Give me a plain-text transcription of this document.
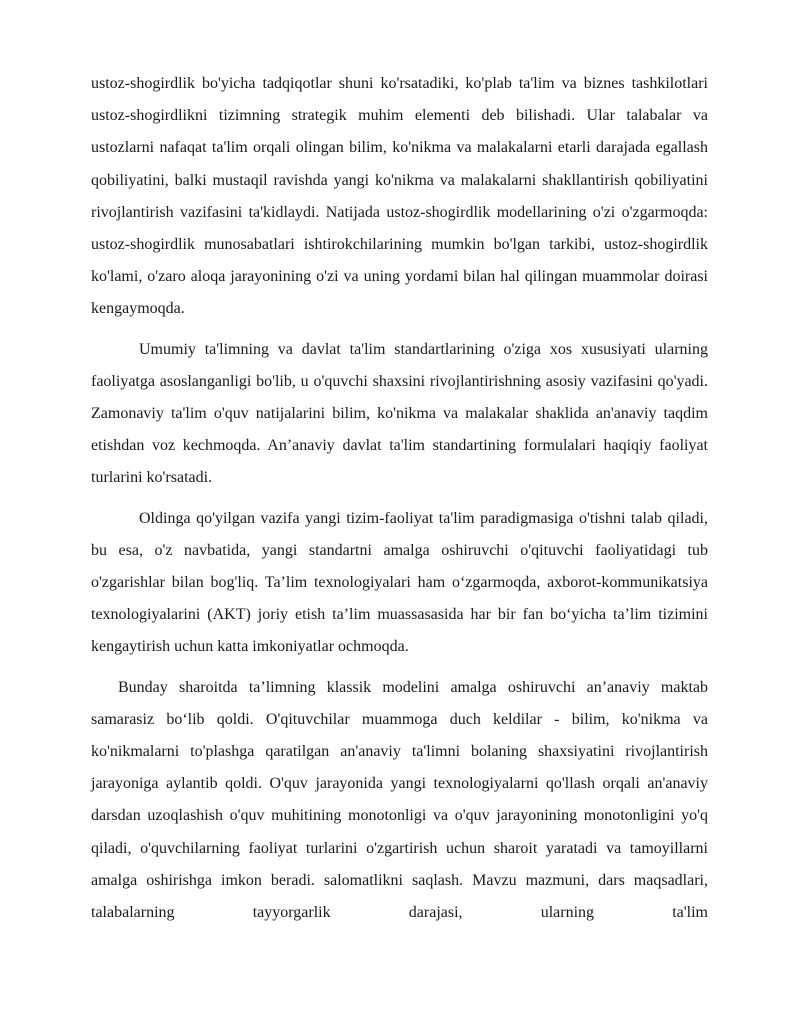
ustoz-shogirdlik bo'yicha tadqiqotlar shuni ko'rsatadiki, ko'plab ta'lim va biznes tashkilotlari ustoz-shogirdlikni tizimning strategik muhim elementi deb bilishadi. Ular talabalar va ustozlarni nafaqat ta'lim orqali olingan bilim, ko'nikma va malakalarni etarli darajada egallash qobiliyatini, balki mustaqil ravishda yangi ko'nikma va malakalarni shakllantirish qobiliyatini rivojlantirish vazifasini ta'kidlaydi. Natijada ustoz-shogirdlik modellarining o'zi o'zgarmoqda: ustoz-shogirdlik munosabatlari ishtirokchilarining mumkin bo'lgan tarkibi, ustoz-shogirdlik ko'lami, o'zaro aloqa jarayonining o'zi va uning yordami bilan hal qilingan muammolar doirasi kengaymoqda.

Umumiy ta'limning va davlat ta'lim standartlarining o'ziga xos xususiyati ularning faoliyatga asoslanganligi bo'lib, u o'quvchi shaxsini rivojlantirishning asosiy vazifasini qo'yadi. Zamonaviy ta'lim o'quv natijalarini bilim, ko'nikma va malakalar shaklida an'anaviy taqdim etishdan voz kechmoqda. An’anaviy davlat ta'lim standartining formulalari haqiqiy faoliyat turlarini ko'rsatadi.

Oldinga qo'yilgan vazifa yangi tizim-faoliyat ta'lim paradigmasiga o'tishni talab qiladi, bu esa, o'z navbatida, yangi standartni amalga oshiruvchi o'qituvchi faoliyatidagi tub o'zgarishlar bilan bog'liq. Ta’lim texnologiyalari ham o‘zgarmoqda, axborot-kommunikatsiya texnologiyalarini (AKT) joriy etish ta’lim muassasasida har bir fan bo‘yicha ta’lim tizimini kengaytirish uchun katta imkoniyatlar ochmoqda.

Bunday sharoitda ta’limning klassik modelini amalga oshiruvchi an’anaviy maktab samarasiz bo‘lib qoldi. O'qituvchilar muammoga duch keldilar - bilim, ko'nikma va ko'nikmalarni to'plashga qaratilgan an'anaviy ta'limni bolaning shaxsiyatini rivojlantirish jarayoniga aylantib qoldi. O'quv jarayonida yangi texnologiyalarni qo'llash orqali an'anaviy darsdan uzoqlashish o'quv muhitining monotonligi va o'quv jarayonining monotonligini yo'q qiladi, o'quvchilarning faoliyat turlarini o'zgartirish uchun sharoit yaratadi va tamoyillarni amalga oshirishga imkon beradi. salomatlikni saqlash. Mavzu mazmuni, dars maqsadlari, talabalarning tayyorgarlik darajasi, ularning ta'lim
